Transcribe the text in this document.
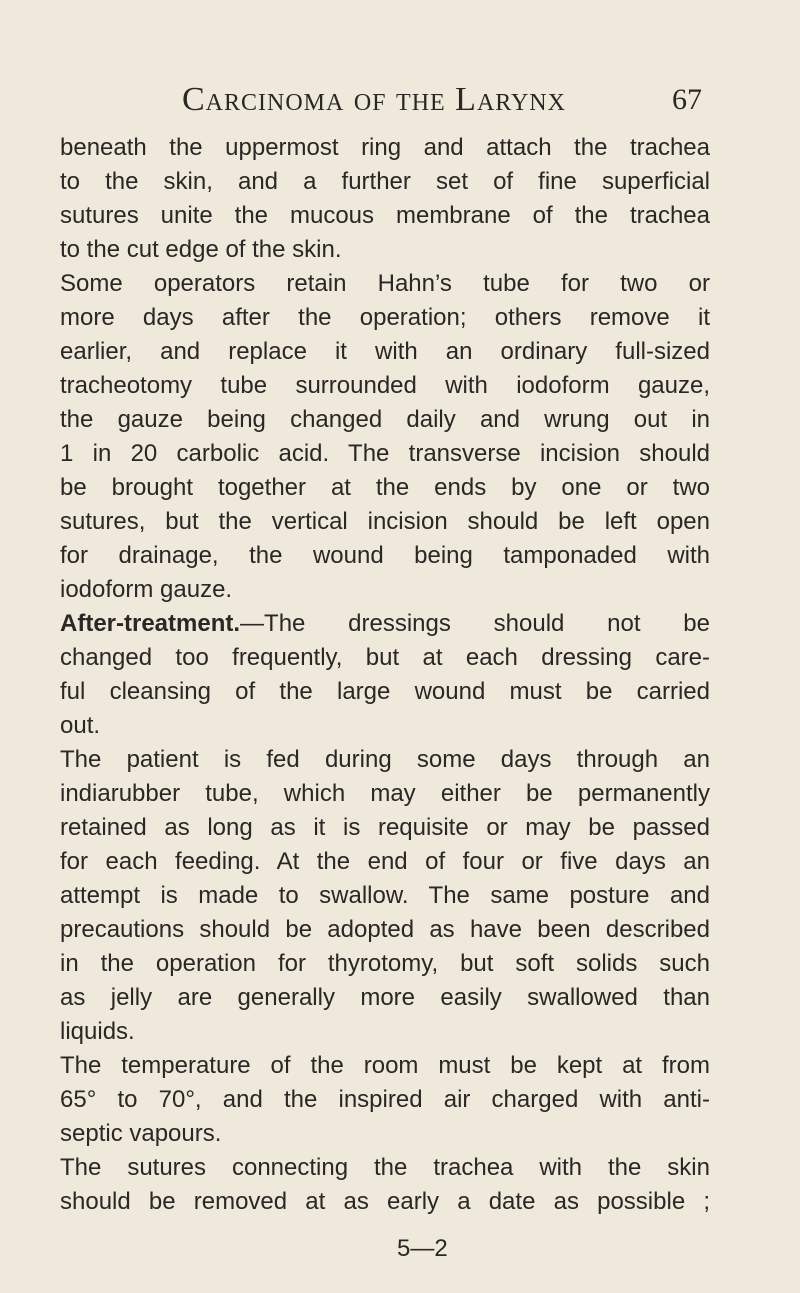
Carcinoma of the Larynx	67
beneath the uppermost ring and attach the trachea
to the skin, and a further set of fine superficial
sutures unite the mucous membrane of the trachea
to the cut edge of the skin.
Some operators retain Hahn’s tube for two or
more days after the operation; others remove it
earlier, and replace it with an ordinary full-sized
tracheotomy tube surrounded with iodoform gauze,
the gauze being changed daily and wrung out in
1 in 20 carbolic acid. The transverse incision should
be brought together at the ends by one or two
sutures, but the vertical incision should be left open
for drainage, the wound being tamponaded with
iodoform gauze.
After-treatment.—The dressings should not be
changed too frequently, but at each dressing care-
ful cleansing of the large wound must be carried
out.
The patient is fed during some days through an
indiarubber tube, which may either be permanently
retained as long as it is requisite or may be passed
for each feeding. At the end of four or five days an
attempt is made to swallow. The same posture and
precautions should be adopted as have been described
in the operation for thyrotomy, but soft solids such
as jelly are generally more easily swallowed than
liquids.
The temperature of the room must be kept at from
65° to 70°, and the inspired air charged with anti-
septic vapours.
The sutures connecting the trachea with the skin
should be removed at as early a date as possible ;
5—2
